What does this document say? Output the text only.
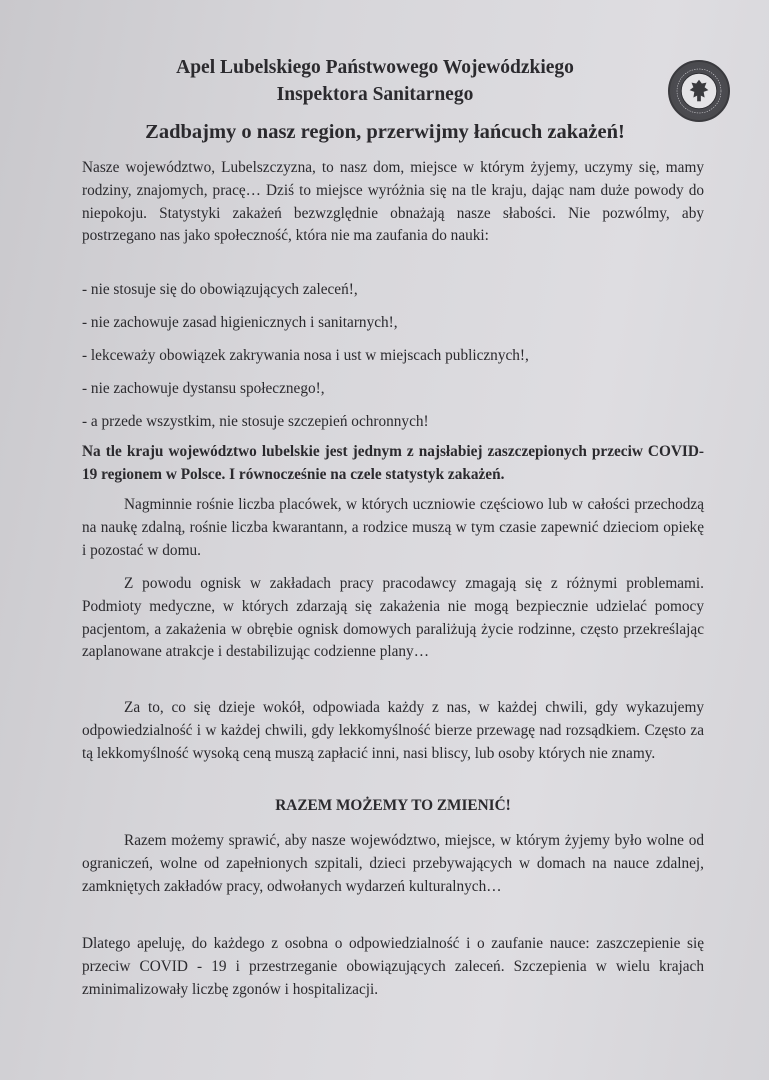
Apel Lubelskiego Państwowego Wojewódzkiego
Inspektora Sanitarnego
Zadbajmy o nasz region, przerwijmy łańcuch zakażeń!

Nasze województwo, Lubelszczyzna, to nasz dom, miejsce w którym żyjemy, uczymy się, mamy rodziny, znajomych, pracę… Dziś to miejsce wyróżnia się na tle kraju, dając nam duże powody do niepokoju. Statystyki zakażeń bezwzględnie obnażają nasze słabości. Nie pozwólmy, aby postrzegano nas jako społeczność, która nie ma zaufania do nauki:

- nie stosuje się do obowiązujących zaleceń!,
- nie zachowuje zasad higienicznych i sanitarnych!,
- lekceważy obowiązek zakrywania nosa i ust w miejscach publicznych!,
- nie zachowuje dystansu społecznego!,
- a przede wszystkim, nie stosuje szczepień ochronnych!

Na tle kraju województwo lubelskie jest jednym z najsłabiej zaszczepionych przeciw COVID-19 regionem w Polsce. I równocześnie na czele statystyk zakażeń.

Nagminnie rośnie liczba placówek, w których uczniowie częściowo lub w całości przechodzą na naukę zdalną, rośnie liczba kwarantann, a rodzice muszą w tym czasie zapewnić dzieciom opiekę i pozostać w domu.

Z powodu ognisk w zakładach pracy pracodawcy zmagają się z różnymi problemami. Podmioty medyczne, w których zdarzają się zakażenia nie mogą bezpiecznie udzielać pomocy pacjentom, a zakażenia w obrębie ognisk domowych paraliżują życie rodzinne, często przekreślając zaplanowane atrakcje i destabilizując codzienne plany…

Za to, co się dzieje wokół, odpowiada każdy z nas, w każdej chwili, gdy wykazujemy odpowiedzialność i w każdej chwili, gdy lekkomyślność bierze przewagę nad rozsądkiem. Często za tą lekkomyślność wysoką ceną muszą zapłacić inni, nasi bliscy, lub osoby których nie znamy.

RAZEM MOŻEMY TO ZMIENIĆ!

Razem możemy sprawić, aby nasze województwo, miejsce, w którym żyjemy było wolne od ograniczeń, wolne od zapełnionych szpitali, dzieci przebywających w domach na nauce zdalnej, zamkniętych zakładów pracy, odwołanych wydarzeń kulturalnych…

Dlatego apeluję, do każdego z osobna o odpowiedzialność i o zaufanie nauce: zaszczepienie się przeciw COVID - 19 i przestrzeganie obowiązujących zaleceń. Szczepienia w wielu krajach zminimalizowały liczbę zgonów i hospitalizacji.
